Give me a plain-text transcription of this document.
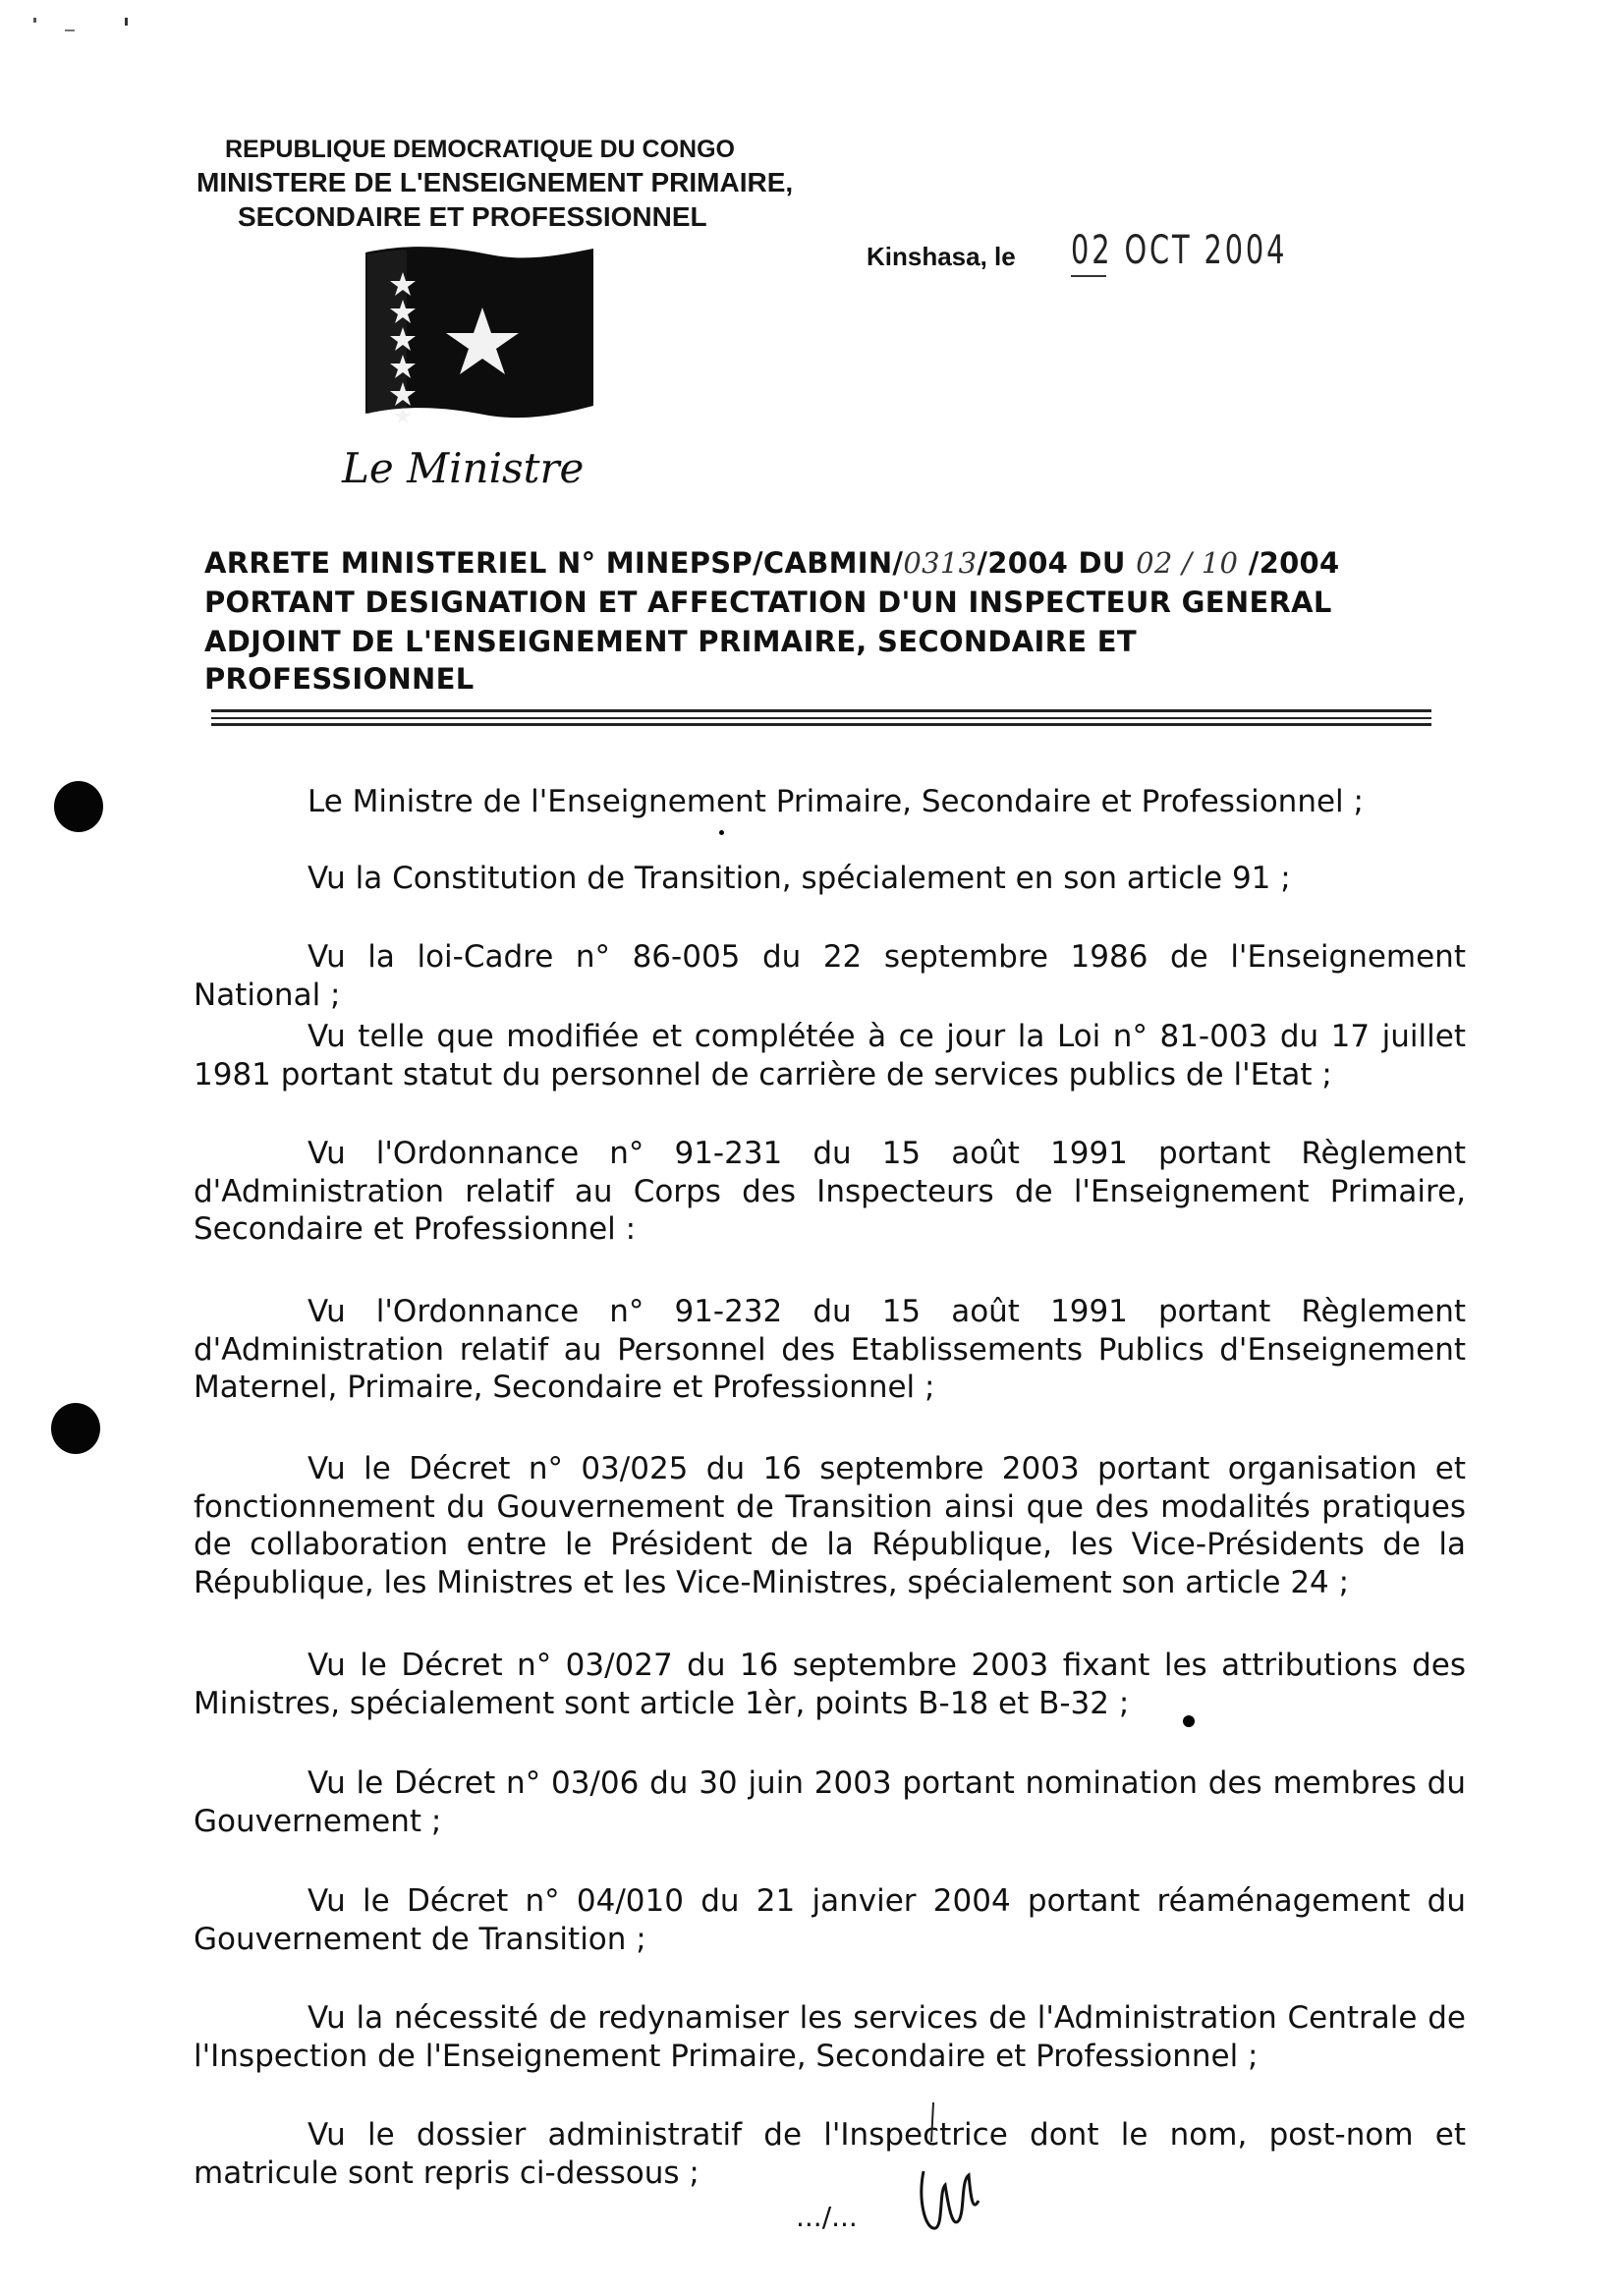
REPUBLIQUE DEMOCRATIQUE DU CONGO
MINISTERE DE L'ENSEIGNEMENT PRIMAIRE,
SECONDAIRE ET PROFESSIONNEL
Kinshasa, le 02 OCT 2004
Le Ministre
ARRETE MINISTERIEL N° MINEPSP/CABMIN/0313/2004 DU 02 / 10 /2004
PORTANT DESIGNATION ET AFFECTATION D'UN INSPECTEUR GENERAL
ADJOINT DE L'ENSEIGNEMENT PRIMAIRE, SECONDAIRE ET
PROFESSIONNEL
Le Ministre de l'Enseignement Primaire, Secondaire et Professionnel ;
Vu la Constitution de Transition, spécialement en son article 91 ;
Vu la loi-Cadre n° 86-005 du 22 septembre 1986 de l'Enseignement National ;
Vu telle que modifiée et complétée à ce jour la Loi n° 81-003 du 17 juillet 1981 portant statut du personnel de carrière de services publics de l'Etat ;
Vu l'Ordonnance n° 91-231 du 15 août 1991 portant Règlement d'Administration relatif au Corps des Inspecteurs de l'Enseignement Primaire, Secondaire et Professionnel :
Vu l'Ordonnance n° 91-232 du 15 août 1991 portant Règlement d'Administration relatif au Personnel des Etablissements Publics d'Enseignement Maternel, Primaire, Secondaire et Professionnel ;
Vu le Décret n° 03/025 du 16 septembre 2003 portant organisation et fonctionnement du Gouvernement de Transition ainsi que des modalités pratiques de collaboration entre le Président de la République, les Vice-Présidents de la République, les Ministres et les Vice-Ministres, spécialement son article 24 ;
Vu le Décret n° 03/027 du 16 septembre 2003 fixant les attributions des Ministres, spécialement sont article 1èr, points B-18 et B-32 ;
Vu le Décret n° 03/06 du 30 juin 2003 portant nomination des membres du Gouvernement ;
Vu le Décret n° 04/010 du 21 janvier 2004 portant réaménagement du Gouvernement de Transition ;
Vu la nécessité de redynamiser les services de l'Administration Centrale de l'Inspection de l'Enseignement Primaire, Secondaire et Professionnel ;
Vu le dossier administratif de l'Inspectrice dont le nom, post-nom et matricule sont repris ci-dessous ;
.../...
